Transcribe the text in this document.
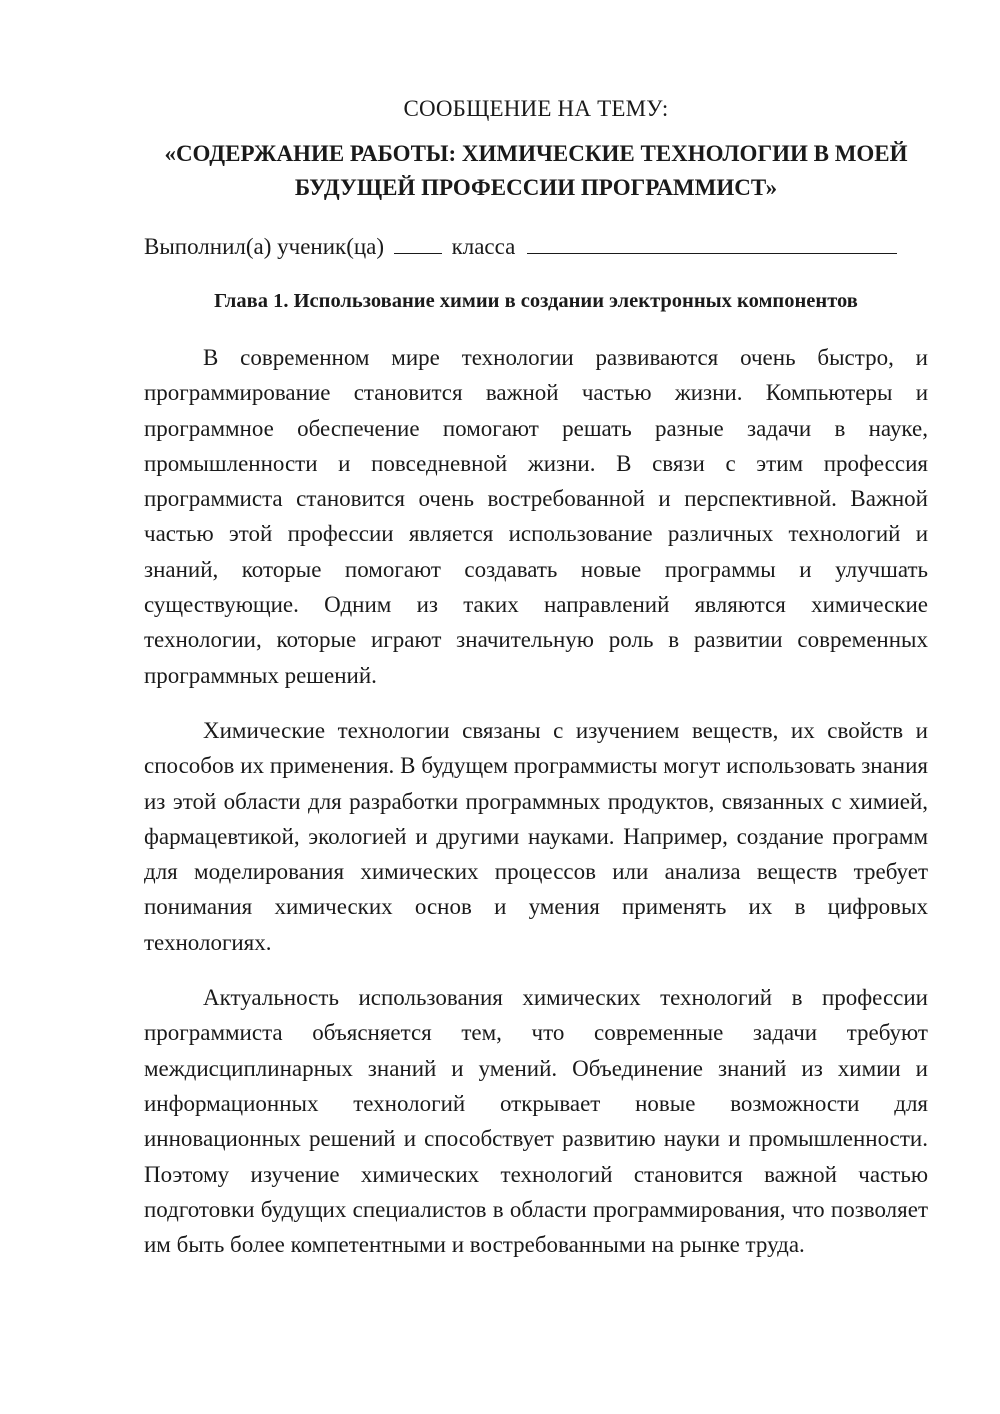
СООБЩЕНИЕ НА ТЕМУ:

«СОДЕРЖАНИЕ РАБОТЫ: ХИМИЧЕСКИЕ ТЕХНОЛОГИИ В МОЕЙ БУДУЩЕЙ ПРОФЕССИИ ПРОГРАММИСТ»

Выполнил(а) ученик(ца)	класса

Глава 1. Использование химии в создании электронных компонентов

В современном мире технологии развиваются очень быстро, и программирование становится важной частью жизни. Компьютеры и программное обеспечение помогают решать разные задачи в науке, промышленности и повседневной жизни. В связи с этим профессия программиста становится очень востребованной и перспективной. Важной частью этой профессии является использование различных технологий и знаний, которые помогают создавать новые программы и улучшать существующие. Одним из таких направлений являются химические технологии, которые играют значительную роль в развитии современных программных решений.

Химические технологии связаны с изучением веществ, их свойств и способов их применения. В будущем программисты могут использовать знания из этой области для разработки программных продуктов, связанных с химией, фармацевтикой, экологией и другими науками. Например, создание программ для моделирования химических процессов или анализа веществ требует понимания химических основ и умения применять их в цифровых технологиях.

Актуальность использования химических технологий в профессии программиста объясняется тем, что современные задачи требуют междисциплинарных знаний и умений. Объединение знаний из химии и информационных технологий открывает новые возможности для инновационных решений и способствует развитию науки и промышленности. Поэтому изучение химических технологий становится важной частью подготовки будущих специалистов в области программирования, что позволяет им быть более компетентными и востребованными на рынке труда.
